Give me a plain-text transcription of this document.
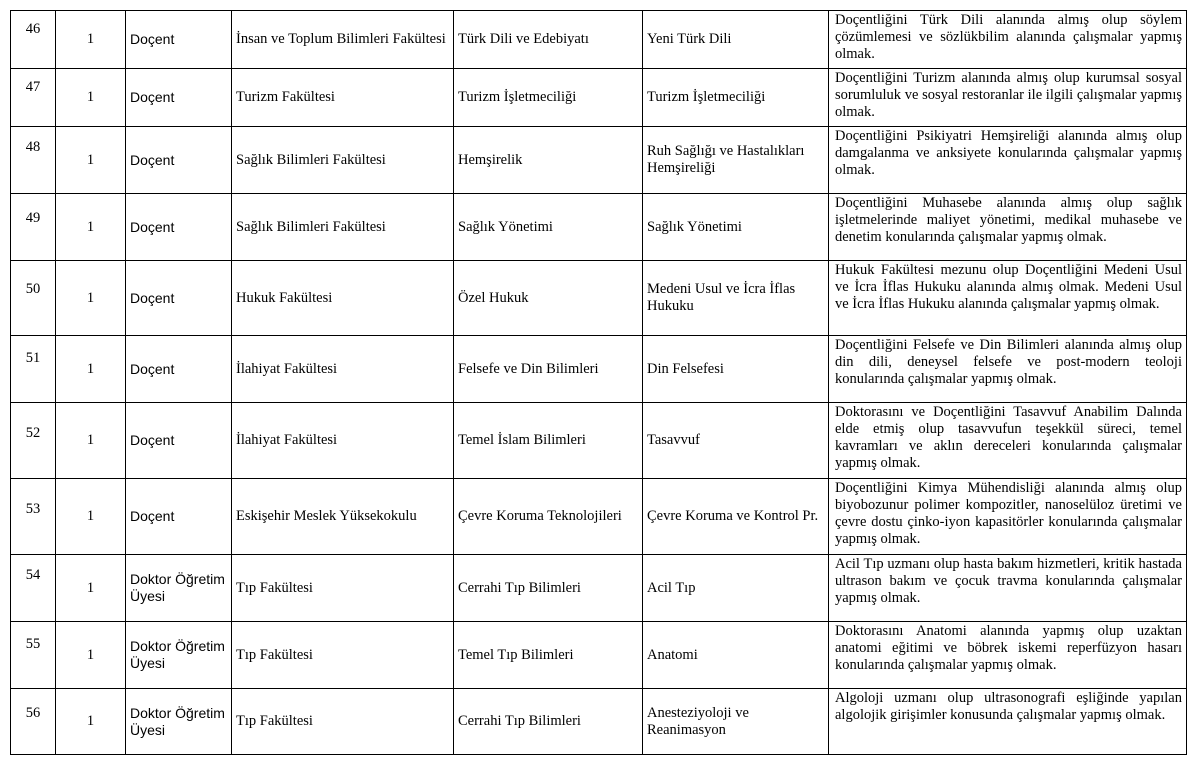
46	1	Doçent	İnsan ve Toplum Bilimleri Fakültesi	Türk Dili ve Edebiyatı	Yeni Türk Dili	Doçentliğini Türk Dili alanında almış olup söylem çözümlemesi ve sözlükbilim alanında çalışmalar yapmış olmak.

47	1	Doçent	Turizm Fakültesi	Turizm İşletmeciliği	Turizm İşletmeciliği	Doçentliğini Turizm alanında almış olup kurumsal sosyal sorumluluk ve sosyal restoranlar ile ilgili çalışmalar yapmış olmak.

48	1	Doçent	Sağlık Bilimleri Fakültesi	Hemşirelik	Ruh Sağlığı ve Hastalıkları Hemşireliği	Doçentliğini Psikiyatri Hemşireliği alanında almış olup damgalanma ve anksiyete konularında çalışmalar yapmış olmak.

49	1	Doçent	Sağlık Bilimleri Fakültesi	Sağlık Yönetimi	Sağlık Yönetimi	Doçentliğini Muhasebe alanında almış olup sağlık işletmelerinde maliyet yönetimi, medikal muhasebe ve denetim konularında çalışmalar yapmış olmak.

50	1	Doçent	Hukuk Fakültesi	Özel Hukuk	Medeni Usul ve İcra İflas Hukuku	Hukuk Fakültesi mezunu olup Doçentliğini Medeni Usul ve İcra İflas Hukuku alanında almış olmak. Medeni Usul ve İcra İflas Hukuku alanında çalışmalar yapmış olmak.

51	1	Doçent	İlahiyat Fakültesi	Felsefe ve Din Bilimleri	Din Felsefesi	Doçentliğini Felsefe ve Din Bilimleri alanında almış olup din dili, deneysel felsefe ve post-modern teoloji konularında çalışmalar yapmış olmak.

52	1	Doçent	İlahiyat Fakültesi	Temel İslam Bilimleri	Tasavvuf	Doktorasını ve Doçentliğini Tasavvuf Anabilim Dalında elde etmiş olup tasavvufun teşekkül süreci, temel kavramları ve aklın dereceleri konularında çalışmalar yapmış olmak.

53	1	Doçent	Eskişehir Meslek Yüksekokulu	Çevre Koruma Teknolojileri	Çevre Koruma ve Kontrol Pr.	Doçentliğini Kimya Mühendisliği alanında almış olup biyobozunur polimer kompozitler, nanoselüloz üretimi ve çevre dostu çinko-iyon kapasitörler konularında çalışmalar yapmış olmak.

54	1	Doktor Öğretim Üyesi	Tıp Fakültesi	Cerrahi Tıp Bilimleri	Acil Tıp	Acil Tıp uzmanı olup hasta bakım hizmetleri, kritik hastada ultrason bakım ve çocuk travma konularında çalışmalar yapmış olmak.

55	1	Doktor Öğretim Üyesi	Tıp Fakültesi	Temel Tıp Bilimleri	Anatomi	Doktorasını Anatomi alanında yapmış olup uzaktan anatomi eğitimi ve böbrek iskemi reperfüzyon hasarı konularında çalışmalar yapmış olmak.

56	1	Doktor Öğretim Üyesi	Tıp Fakültesi	Cerrahi Tıp Bilimleri	Anesteziyoloji ve Reanimasyon	Algoloji uzmanı olup ultrasonografi eşliğinde yapılan algolojik girişimler konusunda çalışmalar yapmış olmak.
